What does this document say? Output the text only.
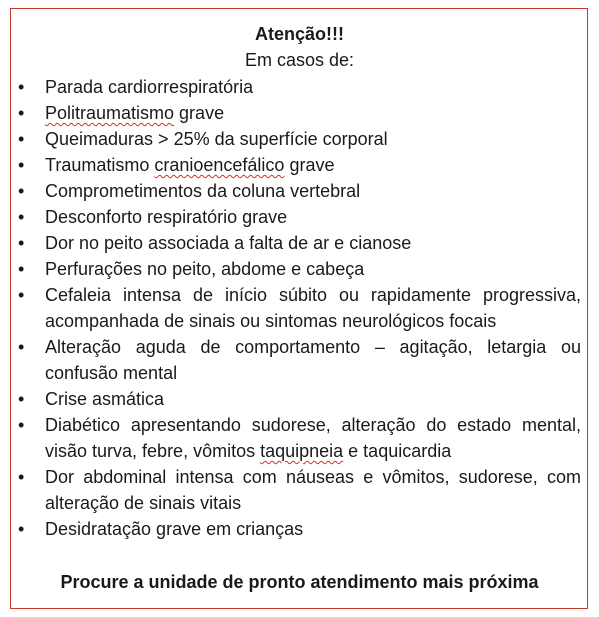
Atenção!!!
Em casos de:
• Parada cardiorrespiratória
• Politraumatismo grave
• Queimaduras > 25% da superfície corporal
• Traumatismo cranioencefálico grave
• Comprometimentos da coluna vertebral
• Desconforto respiratório grave
• Dor no peito associada a falta de ar e cianose
• Perfurações no peito, abdome e cabeça
• Cefaleia intensa de início súbito ou rapidamente progressiva, acompanhada de sinais ou sintomas neurológicos focais
• Alteração aguda de comportamento – agitação, letargia ou confusão mental
• Crise asmática
• Diabético apresentando sudorese, alteração do estado mental, visão turva, febre, vômitos taquipneia e taquicardia
• Dor abdominal intensa com náuseas e vômitos, sudorese, com alteração de sinais vitais
• Desidratação grave em crianças
Procure a unidade de pronto atendimento mais próxima
